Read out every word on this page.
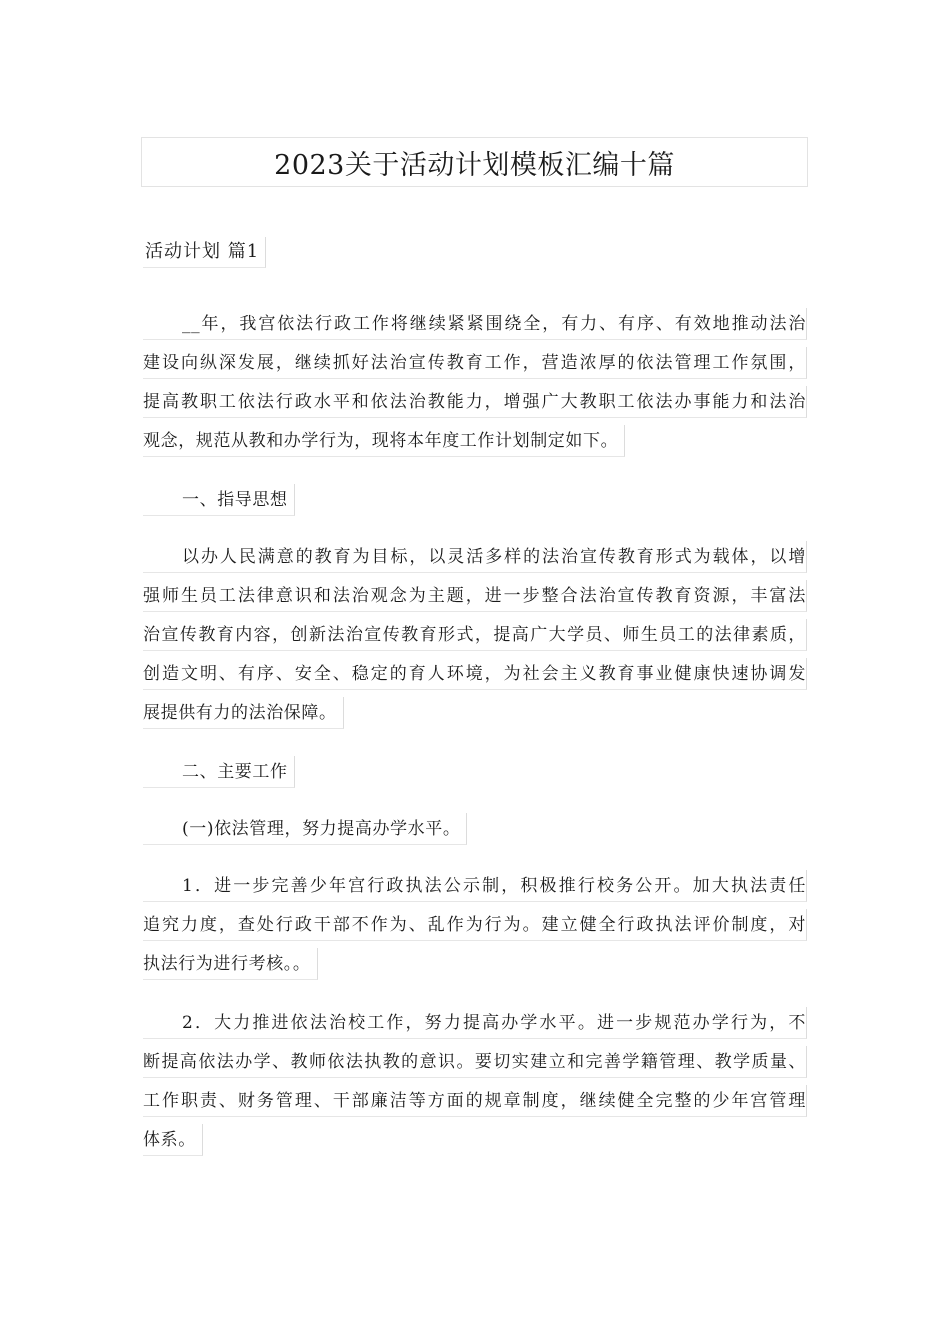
2023关于活动计划模板汇编十篇
活动计划 篇1
__年，我宫依法行政工作将继续紧紧围绕全，有力、有序、有效地推动法治
建设向纵深发展，继续抓好法治宣传教育工作，营造浓厚的依法管理工作氛围，
提高教职工依法行政水平和依法治教能力，增强广大教职工依法办事能力和法治
观念，规范从教和办学行为，现将本年度工作计划制定如下。
一、指导思想
以办人民满意的教育为目标，以灵活多样的法治宣传教育形式为载体，以增
强师生员工法律意识和法治观念为主题，进一步整合法治宣传教育资源，丰富法
治宣传教育内容，创新法治宣传教育形式，提高广大学员、师生员工的法律素质，
创造文明、有序、安全、稳定的育人环境，为社会主义教育事业健康快速协调发
展提供有力的法治保障。
二、主要工作
(一)依法管理，努力提高办学水平。
1．进一步完善少年宫行政执法公示制，积极推行校务公开。加大执法责任
追究力度，查处行政干部不作为、乱作为行为。建立健全行政执法评价制度，对
执法行为进行考核。。
2．大力推进依法治校工作，努力提高办学水平。进一步规范办学行为，不
断提高依法办学、教师依法执教的意识。要切实建立和完善学籍管理、教学质量、
工作职责、财务管理、干部廉洁等方面的规章制度，继续健全完整的少年宫管理
体系。
